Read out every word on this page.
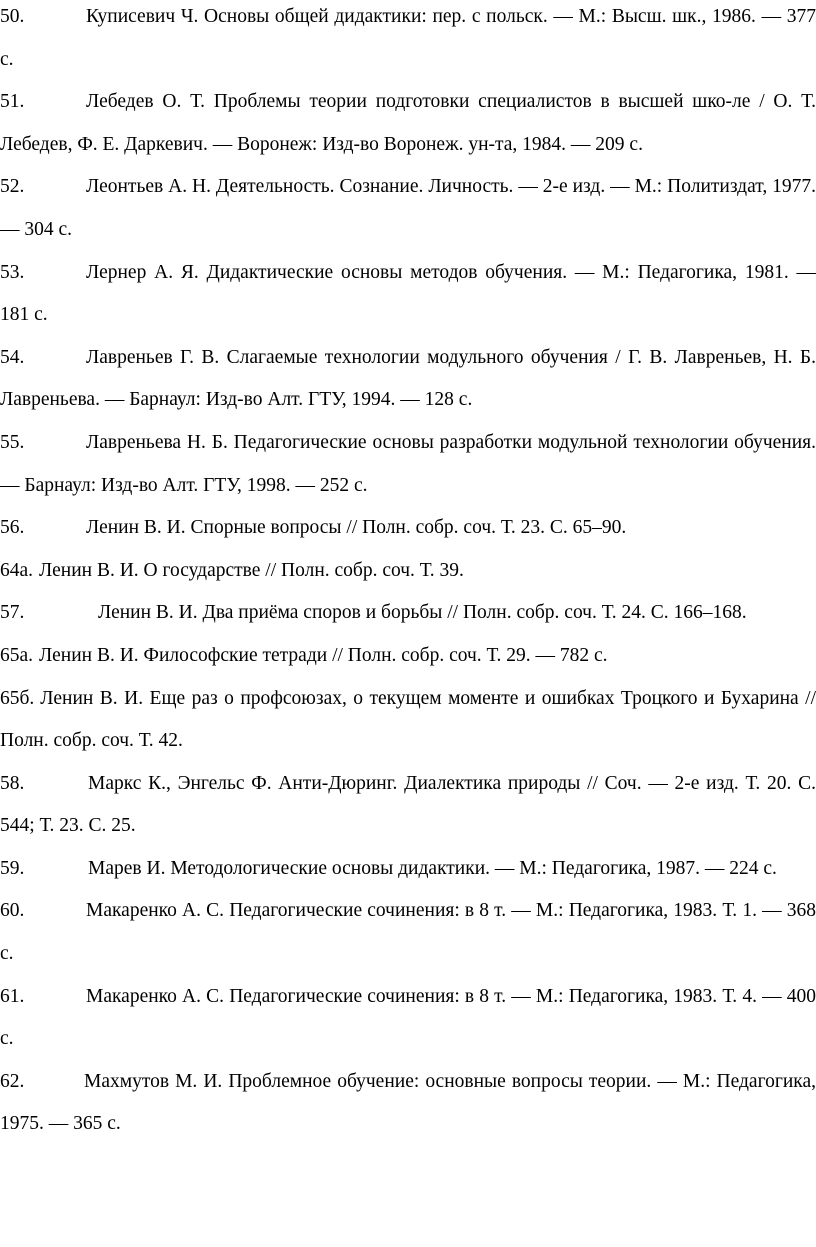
50.	Куписевич Ч. Основы общей дидактики: пер. с польск. — М.: Высш. шк., 1986. — 377 с.

51.	Лебедев О. Т. Проблемы теории подготовки специалистов в высшей шко-ле / О. Т. Лебедев, Ф. Е. Даркевич. — Воронеж: Изд-во Воронеж. ун-та, 1984. — 209 с.

52.	Леонтьев А. Н. Деятельность. Сознание. Личность. — 2-е изд. — М.: Политиздат, 1977. — 304 с.

53.	Лернер А. Я. Дидактические основы методов обучения. — М.: Педагогика, 1981. — 181 с.

54.	Лавреньев Г. В. Слагаемые технологии модульного обучения / Г. В. Лавреньев, Н. Б. Лавреньева. — Барнаул: Изд-во Алт. ГТУ, 1994. — 128 с.

55.	Лавреньева Н. Б. Педагогические основы разработки модульной технологии обучения. — Барнаул: Изд-во Алт. ГТУ, 1998. — 252 с.

56.	Ленин В. И. Спорные вопросы // Полн. собр. соч. Т. 23. С. 65–90.

64а. Ленин В. И. О государстве // Полн. собр. соч. Т. 39.

57.	Ленин В. И. Два приёма споров и борьбы // Полн. собр. соч. Т. 24. С. 166–168.

65а. Ленин В. И. Философские тетради // Полн. собр. соч. Т. 29. — 782 с.

65б. Ленин В. И. Еще раз о профсоюзах, о текущем моменте и ошибках Троцкого и Бухарина // Полн. собр. соч. Т. 42.

58.	Маркс К., Энгельс Ф. Анти-Дюринг. Диалектика природы // Соч. — 2-е изд. Т. 20. С. 544; Т. 23. С. 25.

59.	Марев И. Методологические основы дидактики. — М.: Педагогика, 1987. — 224 с.

60.	Макаренко А. С. Педагогические сочинения: в 8 т. — М.: Педагогика, 1983. Т. 1. — 368 с.

61.	Макаренко А. С. Педагогические сочинения: в 8 т. — М.: Педагогика, 1983. Т. 4. — 400 с.

62.	Махмутов М. И. Проблемное обучение: основные вопросы теории. — М.: Педагогика, 1975. — 365 с.
